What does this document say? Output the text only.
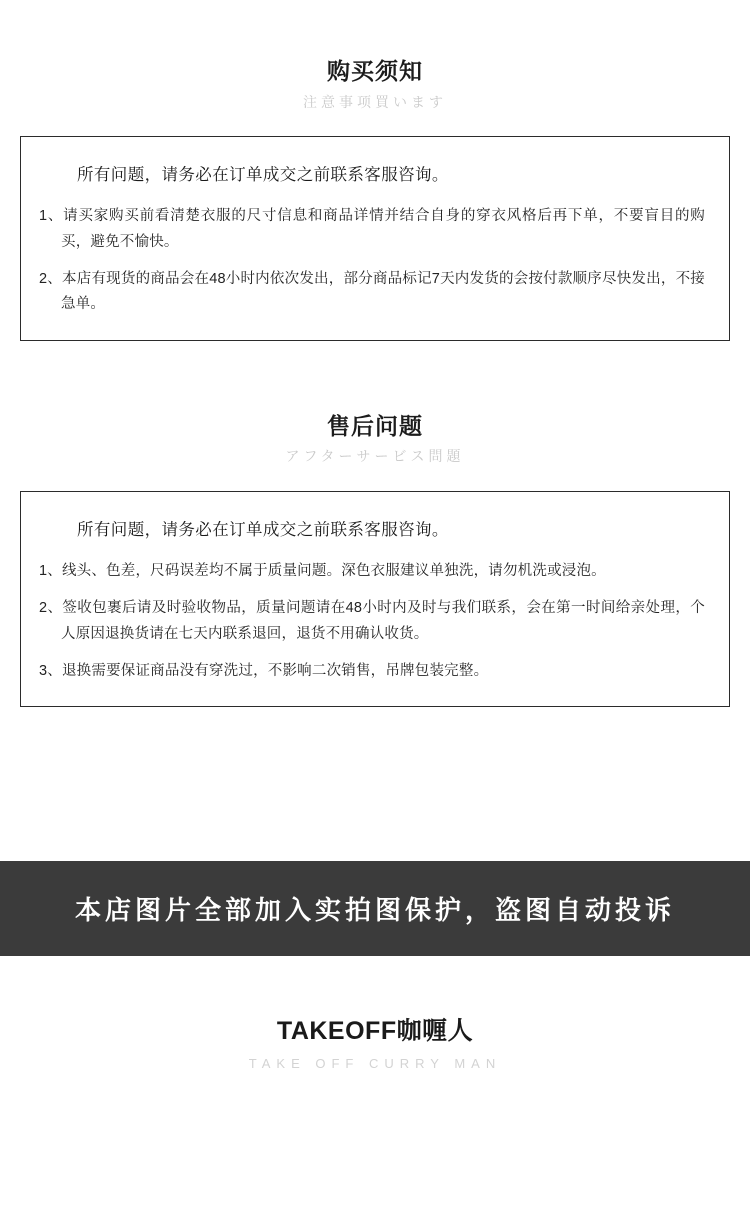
购买须知
注意事项買います
所有问题，请务必在订单成交之前联系客服咨询。
1、请买家购买前看清楚衣服的尺寸信息和商品详情并结合自身的穿衣风格后再下单，不要盲目的购买，避免不愉快。
2、本店有现货的商品会在48小时内依次发出，部分商品标记7天内发货的会按付款顺序尽快发出，不接急单。
售后问题
アフターサービス問題
所有问题，请务必在订单成交之前联系客服咨询。
1、线头、色差，尺码误差均不属于质量问题。深色衣服建议单独洗，请勿机洗或浸泡。
2、签收包裹后请及时验收物品，质量问题请在48小时内及时与我们联系，会在第一时间给亲处理，个人原因退换货请在七天内联系退回，退货不用确认收货。
3、退换需要保证商品没有穿洗过，不影响二次销售，吊牌包装完整。
本店图片全部加入实拍图保护，盗图自动投诉
TAKEOFF咖喱人
TAKE OFF CURRY MAN
